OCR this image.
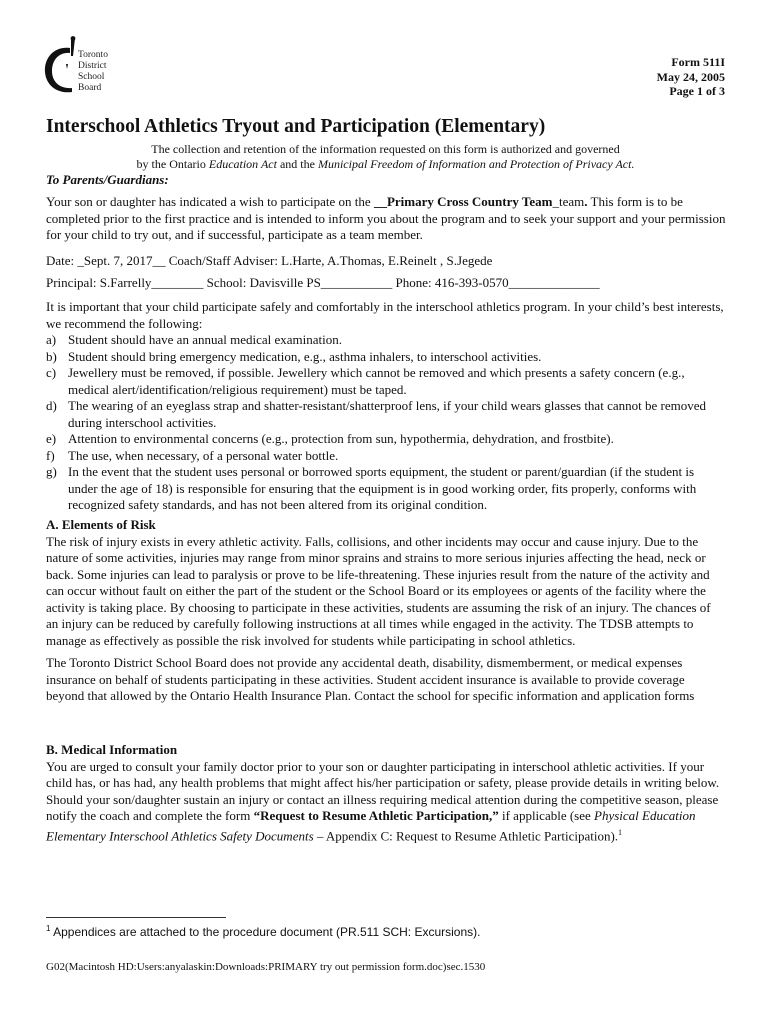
Toronto
District
School
Board
Form 511I
May 24, 2005
Page 1 of 3
Interschool Athletics Tryout and Participation (Elementary)
The collection and retention of the information requested on this form is authorized and governed
by the Ontario Education Act and the Municipal Freedom of Information and Protection of Privacy Act.
To Parents/Guardians:

Your son or daughter has indicated a wish to participate on the __Primary Cross Country Team_team. This form is to be completed prior to the first practice and is intended to inform you about the program and to seek your support and your permission for your child to try out, and if successful, participate as a team member.

Date: _Sept. 7, 2017__ Coach/Staff Adviser: L.Harte, A.Thomas, E.Reinelt , S.Jegede

Principal: S.Farrelly________ School: Davisville PS___________ Phone: 416-393-0570______________

It is important that your child participate safely and comfortably in the interschool athletics program. In your child’s best interests, we recommend the following:

a) Student should have an annual medical examination.
b) Student should bring emergency medication, e.g., asthma inhalers, to interschool activities.
c) Jewellery must be removed, if possible. Jewellery which cannot be removed and which presents a safety concern (e.g., medical alert/identification/religious requirement) must be taped.
d) The wearing of an eyeglass strap and shatter-resistant/shatterproof lens, if your child wears glasses that cannot be removed during interschool activities.
e) Attention to environmental concerns (e.g., protection from sun, hypothermia, dehydration, and frostbite).
f) The use, when necessary, of a personal water bottle.
g) In the event that the student uses personal or borrowed sports equipment, the student or parent/guardian (if the student is under the age of 18) is responsible for ensuring that the equipment is in good working order, fits properly, conforms with recognized safety standards, and has not been altered from its original condition.

A. Elements of Risk

The risk of injury exists in every athletic activity. Falls, collisions, and other incidents may occur and cause injury. Due to the nature of some activities, injuries may range from minor sprains and strains to more serious injuries affecting the head, neck or back. Some injuries can lead to paralysis or prove to be life-threatening. These injuries result from the nature of the activity and can occur without fault on either the part of the student or the School Board or its employees or agents of the facility where the activity is taking place. By choosing to participate in these activities, students are assuming the risk of an injury. The chances of an injury can be reduced by carefully following instructions at all times while engaged in the activity. The TDSB attempts to manage as effectively as possible the risk involved for students while participating in school athletics.

The Toronto District School Board does not provide any accidental death, disability, dismemberment, or medical expenses insurance on behalf of students participating in these activities. Student accident insurance is available to provide coverage beyond that allowed by the Ontario Health Insurance Plan. Contact the school for specific information and application forms

B. Medical Information

You are urged to consult your family doctor prior to your son or daughter participating in interschool athletic activities. If your child has, or has had, any health problems that might affect his/her participation or safety, please provide details in writing below. Should your son/daughter sustain an injury or contact an illness requiring medical attention during the competitive season, please notify the coach and complete the form “Request to Resume Athletic Participation,” if applicable (see Physical Education Elementary Interschool Athletics Safety Documents – Appendix C: Request to Resume Athletic Participation).$^1$

$^1$ Appendices are attached to the procedure document (PR.511 SCH: Excursions).
G02(Macintosh HD:Users:anyalaskin:Downloads:PRIMARY try out permission form.doc)sec.1530
